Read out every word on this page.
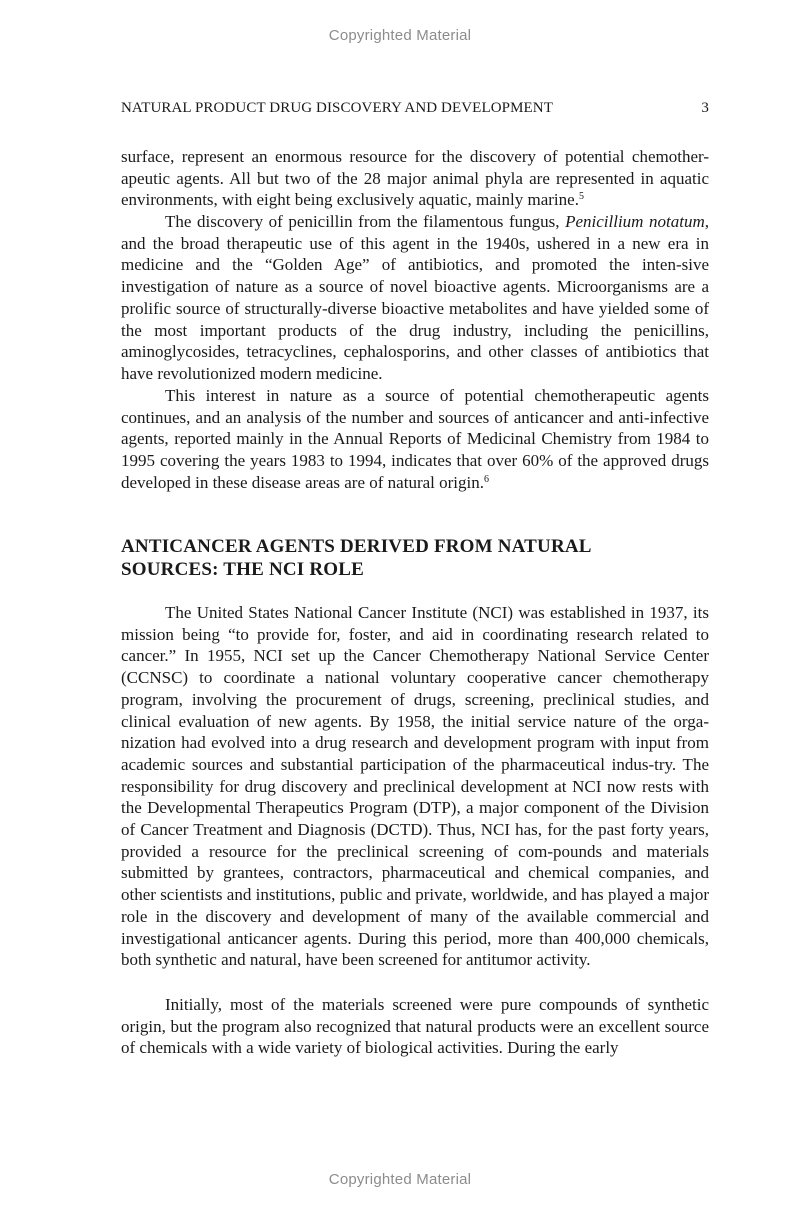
Copyrighted Material
NATURAL PRODUCT DRUG DISCOVERY AND DEVELOPMENT	3

surface, represent an enormous resource for the discovery of potential chemother-apeutic agents. All but two of the 28 major animal phyla are represented in aquatic environments, with eight being exclusively aquatic, mainly marine.$^5$

The discovery of penicillin from the filamentous fungus, Penicillium notatum, and the broad therapeutic use of this agent in the 1940s, ushered in a new era in medicine and the “Golden Age” of antibiotics, and promoted the inten-sive investigation of nature as a source of novel bioactive agents. Microorganisms are a prolific source of structurally-diverse bioactive metabolites and have yielded some of the most important products of the drug industry, including the penicillins, aminoglycosides, tetracyclines, cephalosporins, and other classes of antibiotics that have revolutionized modern medicine.

This interest in nature as a source of potential chemotherapeutic agents continues, and an analysis of the number and sources of anticancer and anti-infective agents, reported mainly in the Annual Reports of Medicinal Chemistry from 1984 to 1995 covering the years 1983 to 1994, indicates that over 60% of the approved drugs developed in these disease areas are of natural origin.$^6$

ANTICANCER AGENTS DERIVED FROM NATURAL
SOURCES: THE NCI ROLE

The United States National Cancer Institute (NCI) was established in 1937, its mission being “to provide for, foster, and aid in coordinating research related to cancer.” In 1955, NCI set up the Cancer Chemotherapy National Service Center (CCNSC) to coordinate a national voluntary cooperative cancer chemotherapy program, involving the procurement of drugs, screening, preclinical studies, and clinical evaluation of new agents. By 1958, the initial service nature of the orga-nization had evolved into a drug research and development program with input from academic sources and substantial participation of the pharmaceutical indus-try. The responsibility for drug discovery and preclinical development at NCI now rests with the Developmental Therapeutics Program (DTP), a major component of the Division of Cancer Treatment and Diagnosis (DCTD). Thus, NCI has, for the past forty years, provided a resource for the preclinical screening of com-pounds and materials submitted by grantees, contractors, pharmaceutical and chemical companies, and other scientists and institutions, public and private, worldwide, and has played a major role in the discovery and development of many of the available commercial and investigational anticancer agents. During this period, more than 400,000 chemicals, both synthetic and natural, have been screened for antitumor activity.

Initially, most of the materials screened were pure compounds of synthetic origin, but the program also recognized that natural products were an excellent source of chemicals with a wide variety of biological activities. During the early

Copyrighted Material
